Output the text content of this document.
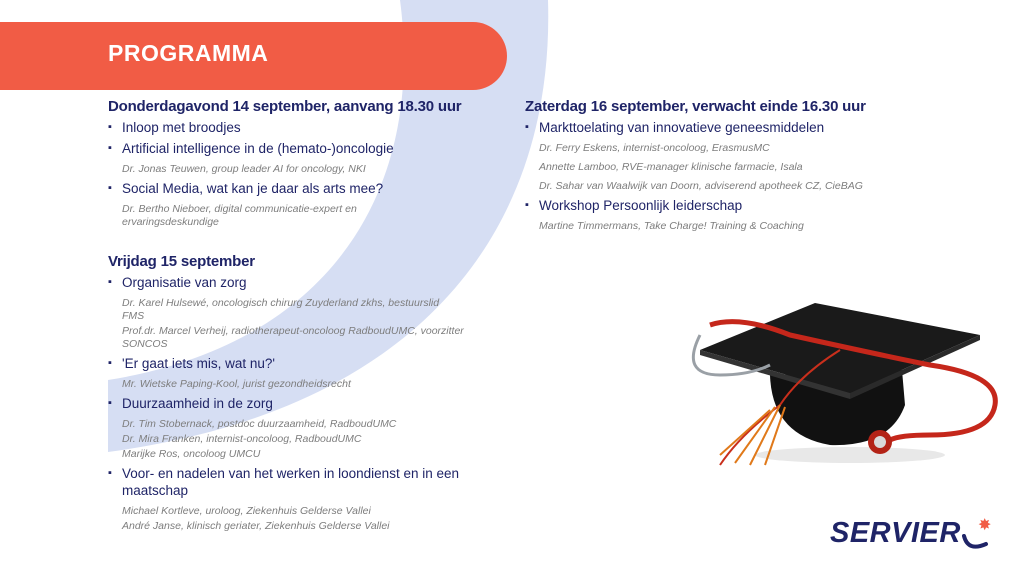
PROGRAMMA
Donderdagavond 14 september, aanvang 18.30 uur
▪ Inloop met broodjes
▪ Artificial intelligence in de (hemato-)oncologie
Dr. Jonas Teuwen, group leader AI for oncology, NKI
▪ Social Media, wat kan je daar als arts mee?
Dr. Bertho Nieboer, digital communicatie-expert en ervaringsdeskundige
Vrijdag 15 september
▪ Organisatie van zorg
Dr. Karel Hulsewé, oncologisch chirurg Zuyderland zkhs, bestuurslid FMS
Prof.dr. Marcel Verheij, radiotherapeut-oncoloog RadboudUMC, voorzitter SONCOS
▪ 'Er gaat iets mis, wat nu?'
Mr. Wietske Paping-Kool, jurist gezondheidsrecht
▪ Duurzaamheid in de zorg
Dr. Tim Stobernack, postdoc duurzaamheid, RadboudUMC
Dr. Mira Franken, internist-oncoloog, RadboudUMC
Marijke Ros, oncoloog UMCU
▪ Voor- en nadelen van het werken in loondienst en in een maatschap
Michael Kortleve, uroloog, Ziekenhuis Gelderse Vallei
André Janse, klinisch geriater, Ziekenhuis Gelderse Vallei
Zaterdag 16 september, verwacht einde 16.30 uur
▪ Markttoelating van innovatieve geneesmiddelen
Dr. Ferry Eskens, internist-oncoloog, ErasmusMC
Annette Lamboo, RVE-manager klinische farmacie, Isala
Dr. Sahar van Waalwijk van Doorn, adviserend apotheek CZ, CieBAG
▪ Workshop Persoonlijk leiderschap
Martine Timmermans, Take Charge! Training & Coaching
SERVIER ✸
